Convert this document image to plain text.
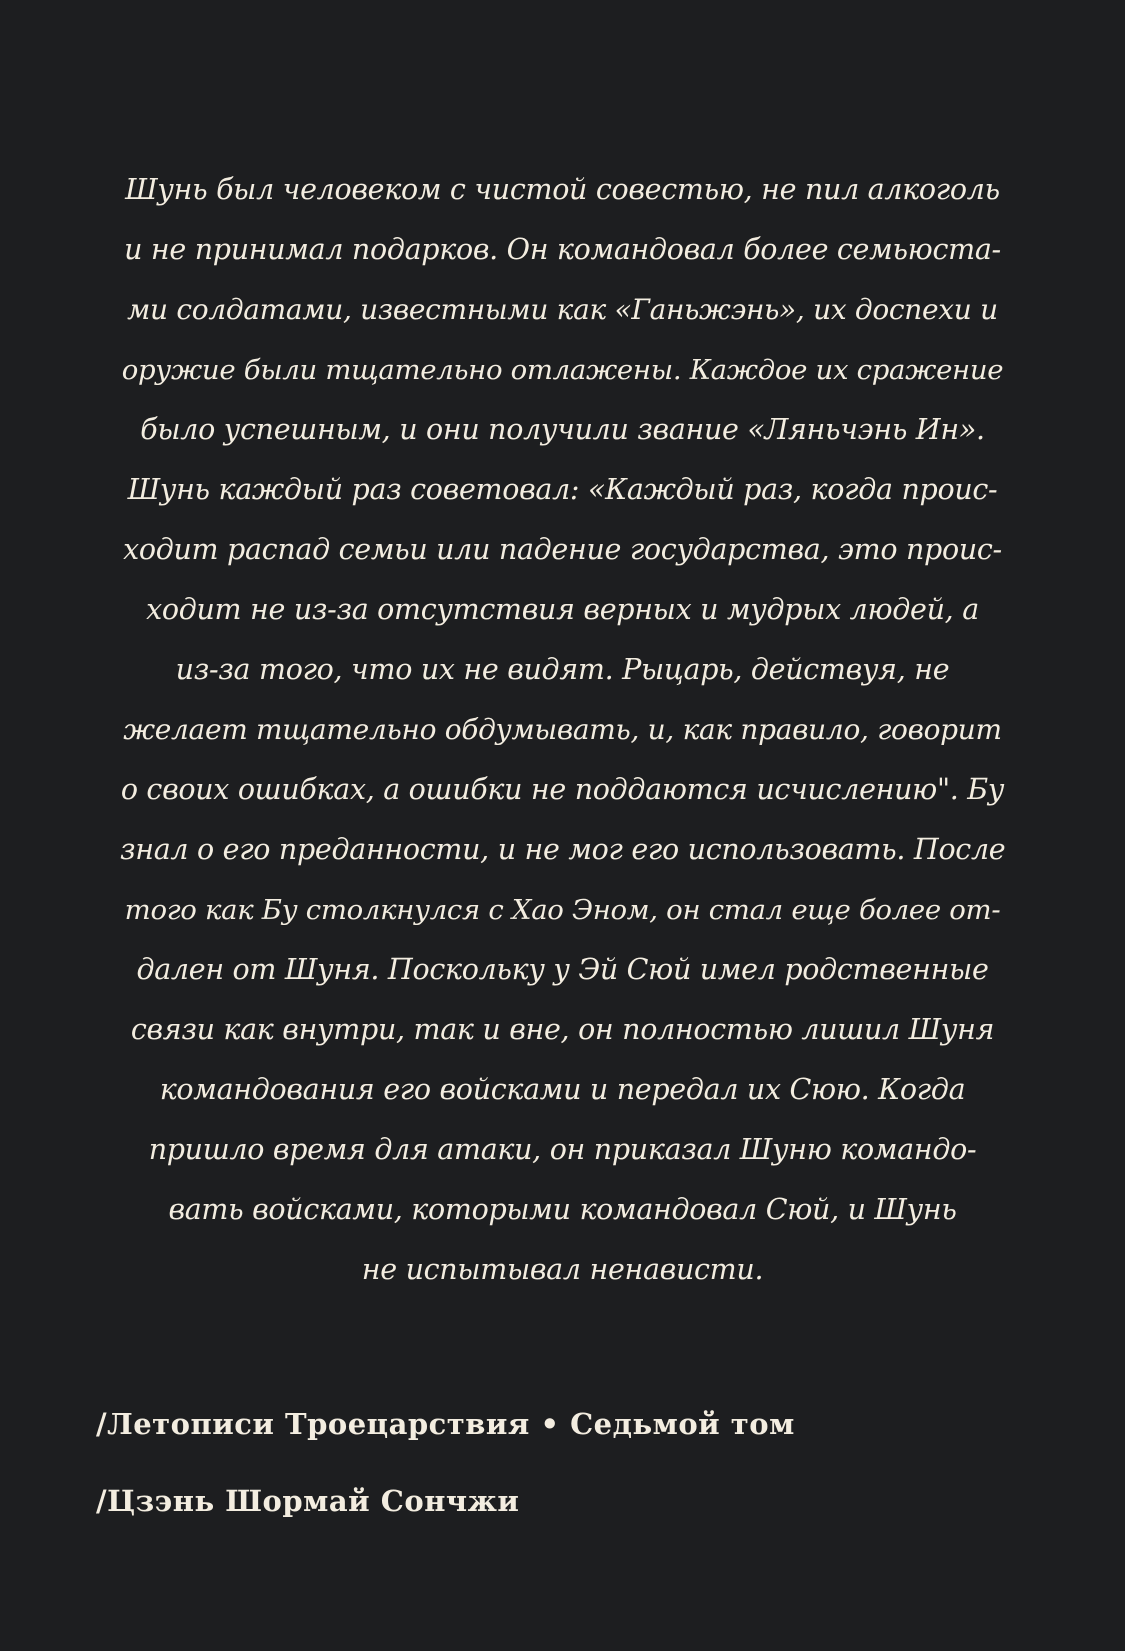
Шунь был человеком с чистой совестью, не пил алкоголь
и не принимал подарков. Он командовал более семьюста-
ми солдатами, известными как «Ганьжэнь», их доспехи и
оружие были тщательно отлажены. Каждое их сражение
было успешным, и они получили звание «Ляньчэнь Ин».
Шунь каждый раз советовал: «Каждый раз, когда проис-
ходит распад семьи или падение государства, это проис-
ходит не из-за отсутствия верных и мудрых людей, а
из-за того, что их не видят. Рыцарь, действуя, не
желает тщательно обдумывать, и, как правило, говорит
о своих ошибках, а ошибки не поддаются исчислению". Бу
знал о его преданности, и не мог его использовать. После
того как Бу столкнулся с Хао Эном, он стал еще более от-
дален от Шуня. Поскольку у Эй Сюй имел родственные
связи как внутри, так и вне, он полностью лишил Шуня
командования его войсками и передал их Сюю. Когда
пришло время для атаки, он приказал Шуню командо-
вать войсками, которыми командовал Сюй, и Шунь
не испытывал ненависти.
/Летописи Троецарствия • Седьмой том
/Цзэнь Шормай Сончжи
